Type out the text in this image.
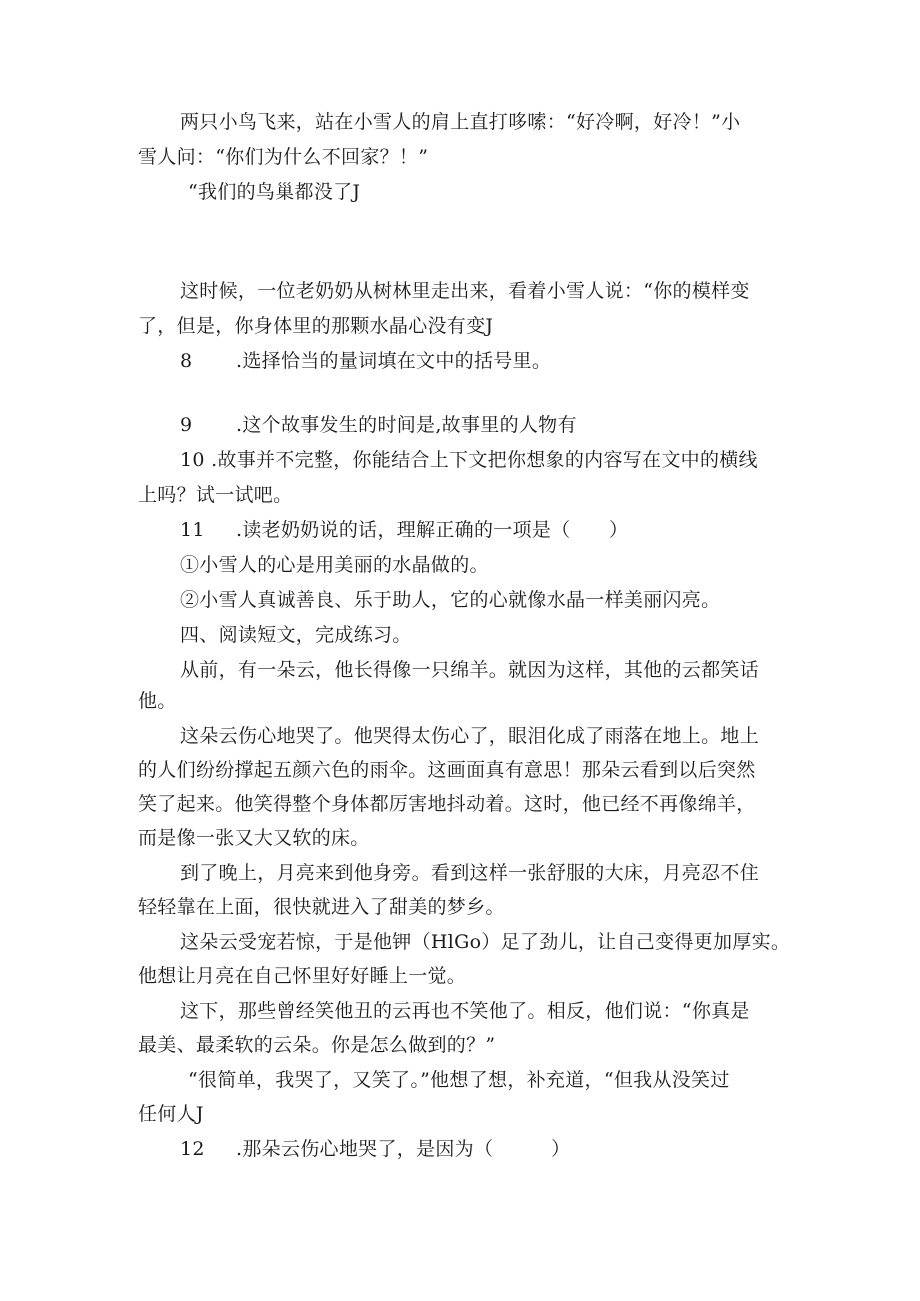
两只小鸟飞来，站在小雪人的肩上直打哆嗦：“好冷啊，好冷！”小
雪人问：“你们为什么不回家？！”
“我们的鸟巢都没了J
这时候，一位老奶奶从树林里走出来，看着小雪人说：“你的模样变
了，但是，你身体里的那颗水晶心没有变J
8 .选择恰当的量词填在文中的括号里。
9 .这个故事发生的时间是,故事里的人物有
10 .故事并不完整，你能结合上下文把你想象的内容写在文中的横线
上吗？试一试吧。
11 .读老奶奶说的话，理解正确的一项是（　　）
①小雪人的心是用美丽的水晶做的。
②小雪人真诚善良、乐于助人，它的心就像水晶一样美丽闪亮。
四、阅读短文，完成练习。
从前，有一朵云，他长得像一只绵羊。就因为这样，其他的云都笑话
他。
这朵云伤心地哭了。他哭得太伤心了，眼泪化成了雨落在地上。地上
的人们纷纷撑起五颜六色的雨伞。这画面真有意思！那朵云看到以后突然
笑了起来。他笑得整个身体都厉害地抖动着。这时，他已经不再像绵羊，
而是像一张又大又软的床。
到了晚上，月亮来到他身旁。看到这样一张舒服的大床，月亮忍不住
轻轻靠在上面，很快就进入了甜美的梦乡。
这朵云受宠若惊，于是他钾（HlGo）足了劲儿，让自己变得更加厚实。
他想让月亮在自己怀里好好睡上一觉。
这下，那些曾经笑他丑的云再也不笑他了。相反，他们说：“你真是
最美、最柔软的云朵。你是怎么做到的？”
“很简单，我哭了，又笑了。”他想了想，补充道，“但我从没笑过
任何人J
12 .那朵云伤心地哭了，是因为（　　　）
